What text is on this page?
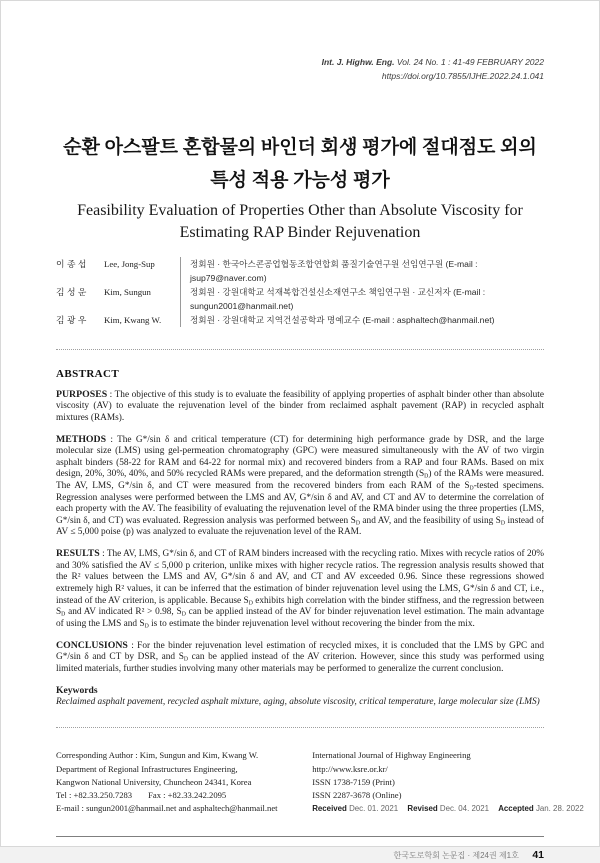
Int. J. Highw. Eng. Vol. 24 No. 1 : 41-49 FEBRUARY 2022
https://doi.org/10.7855/IJHE.2022.24.1.041
순환 아스팔트 혼합물의 바인더 회생 평가에 절대점도 외의
특성 적용 가능성 평가
Feasibility Evaluation of Properties Other than Absolute Viscosity for
Estimating RAP Binder Rejuvenation
이 종 섭	Lee, Jong-Sup	정회원 · 한국아스콘공업협동조합연합회 품질기술연구원 선임연구원 (E-mail : jsup79@naver.com)
김 성 운	Kim, Sungun	정회원 · 강원대학교 석재복합건설신소재연구소 책임연구원 · 교신저자 (E-mail : sungun2001@hanmail.net)
김 광 우	Kim, Kwang W.	정회원 · 강원대학교 지역건설공학과 명예교수 (E-mail : asphaltech@hanmail.net)
ABSTRACT

PURPOSES : The objective of this study is to evaluate the feasibility of applying properties of asphalt binder other than absolute viscosity (AV) to evaluate the rejuvenation level of the binder from reclaimed asphalt pavement (RAP) in recycled asphalt mixtures (RAMs).

METHODS : The G*/sin δ and critical temperature (CT) for determining high performance grade by DSR, and the large molecular size (LMS) using gel-permeation chromatography (GPC) were measured simultaneously with the AV of two virgin asphalt binders (58-22 for RAM and 64-22 for normal mix) and recovered binders from a RAP and four RAMs. Based on mix design, 20%, 30%, 40%, and 50% recycled RAMs were prepared, and the deformation strength $(S_D)$ of the RAMs were measured. The AV, LMS, G*/sin δ, and CT were measured from the recovered binders from each RAM of the $S_D$-tested specimens. Regression analyses were performed between the LMS and AV, G*/sin δ and AV, and CT and AV to determine the correlation of each property with the AV. The feasibility of evaluating the rejuvenation level of the RMA binder using the three properties (LMS, G*/sin δ, and CT) was evaluated. Regression analysis was performed between $S_D$ and AV, and the feasibility of using $S_D$ instead of AV ≤ 5,000 poise (p) was analyzed to evaluate the rejuvenation level of the RAM.

RESULTS : The AV, LMS, G*/sin δ, and CT of RAM binders increased with the recycling ratio. Mixes with recycle ratios of 20% and 30% satisfied the AV ≤ 5,000 p criterion, unlike mixes with higher recycle ratios. The regression analysis results showed that the R² values between the LMS and AV, G*/sin δ and AV, and CT and AV exceeded 0.96. Since these regressions showed extremely high R² values, it can be inferred that the estimation of binder rejuvenation level using the LMS, G*/sin δ and CT, i.e., instead of the AV criterion, is applicable. Because $S_D$ exhibits high correlation with the binder stiffness, and the regression between $S_D$ and AV indicated R² > 0.98, $S_D$ can be applied instead of the AV for binder rejuvenation level estimation. The main advantage of using the LMS and $S_D$ is to estimate the binder rejuvenation level without recovering the binder from the mix.

CONCLUSIONS : For the binder rejuvenation level estimation of recycled mixes, it is concluded that the LMS by GPC and G*/sin δ and CT by DSR, and $S_D$ can be applied instead of the AV criterion. However, since this study was performed using limited materials, further studies involving many other materials may be performed to generalize the current conclusion.

Keywords
Reclaimed asphalt pavement, recycled asphalt mixture, aging, absolute viscosity, critical temperature, large molecular size (LMS)
Corresponding Author : Kim, Sungun and Kim, Kwang W.
Department of Regional Infrastructures Engineering,
Kangwon National University, Chuncheon 24341, Korea
Tel : +82.33.250.7283 Fax : +82.33.242.2095
E-mail : sungun2001@hanmail.net and asphaltech@hanmail.net
International Journal of Highway Engineering
http://www.ksre.or.kr/
ISSN 1738-7159 (Print)
ISSN 2287-3678 (Online)
Received Dec. 01. 2021 Revised Dec. 04. 2021 Accepted Jan. 28. 2022
한국도로학회 논문집 · 제24권 제1호 41
